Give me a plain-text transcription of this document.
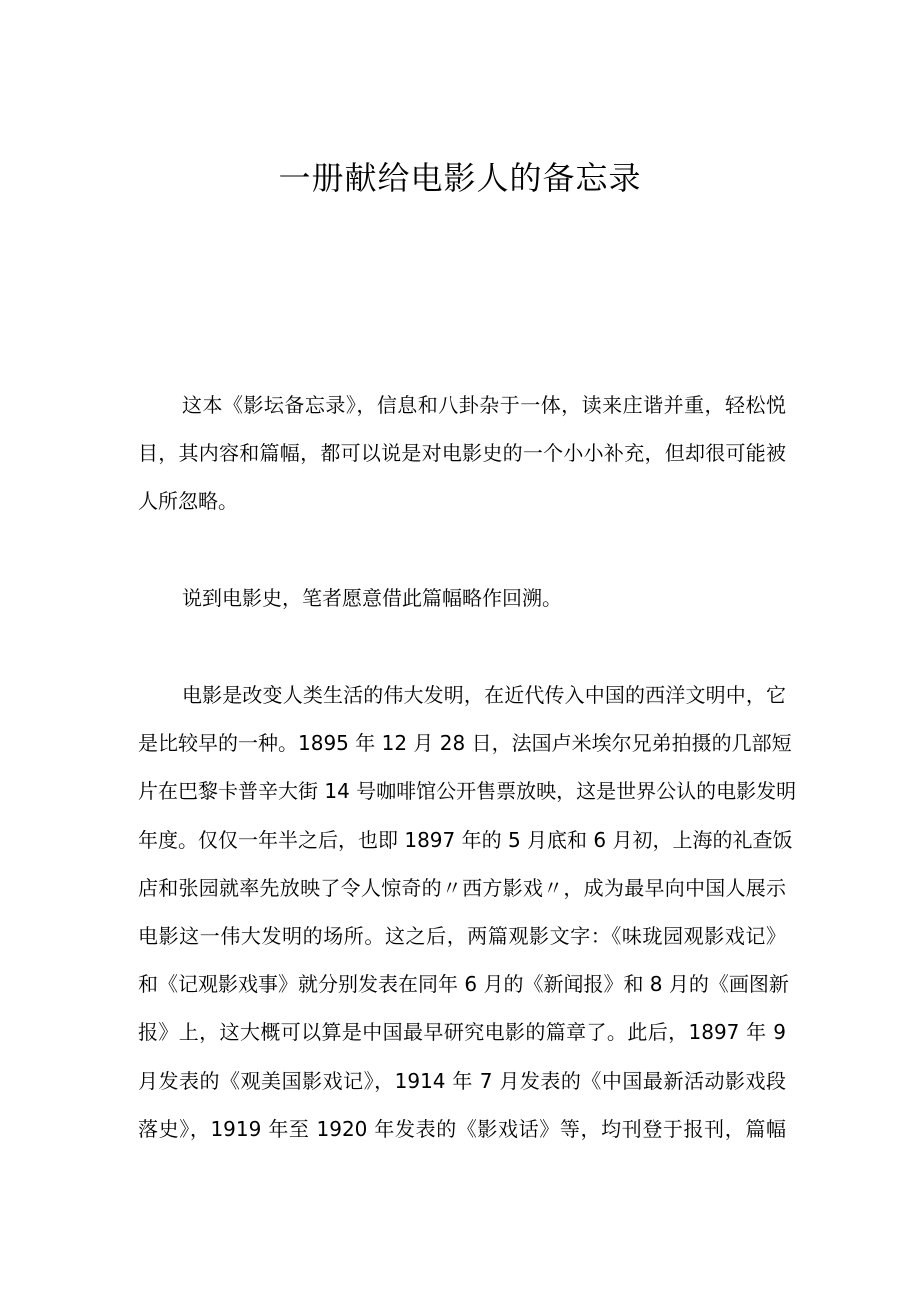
一册献给电影人的备忘录
这本《影坛备忘录》，信息和八卦杂于一体，读来庄谐并重，轻松悦
目，其内容和篇幅，都可以说是对电影史的一个小小补充，但却很可能被
人所忽略。
说到电影史，笔者愿意借此篇幅略作回溯。
电影是改变人类生活的伟大发明，在近代传入中国的西洋文明中，它
是比较早的一种。1895 年 12 月 28 日，法国卢米埃尔兄弟拍摄的几部短
片在巴黎卡普辛大街 14 号咖啡馆公开售票放映，这是世界公认的电影发明
年度。仅仅一年半之后，也即 1897 年的 5 月底和 6 月初，上海的礼查饭
店和张园就率先放映了令人惊奇的〃西方影戏〃，成为最早向中国人展示
电影这一伟大发明的场所。这之后，两篇观影文字：《味珑园观影戏记》
和《记观影戏事》就分别发表在同年 6 月的《新闻报》和 8 月的《画图新
报》上，这大概可以算是中国最早研究电影的篇章了。此后，1897 年 9
月发表的《观美国影戏记》，1914 年 7 月发表的《中国最新活动影戏段
落史》，1919 年至 1920 年发表的《影戏话》等，均刊登于报刊，篇幅
